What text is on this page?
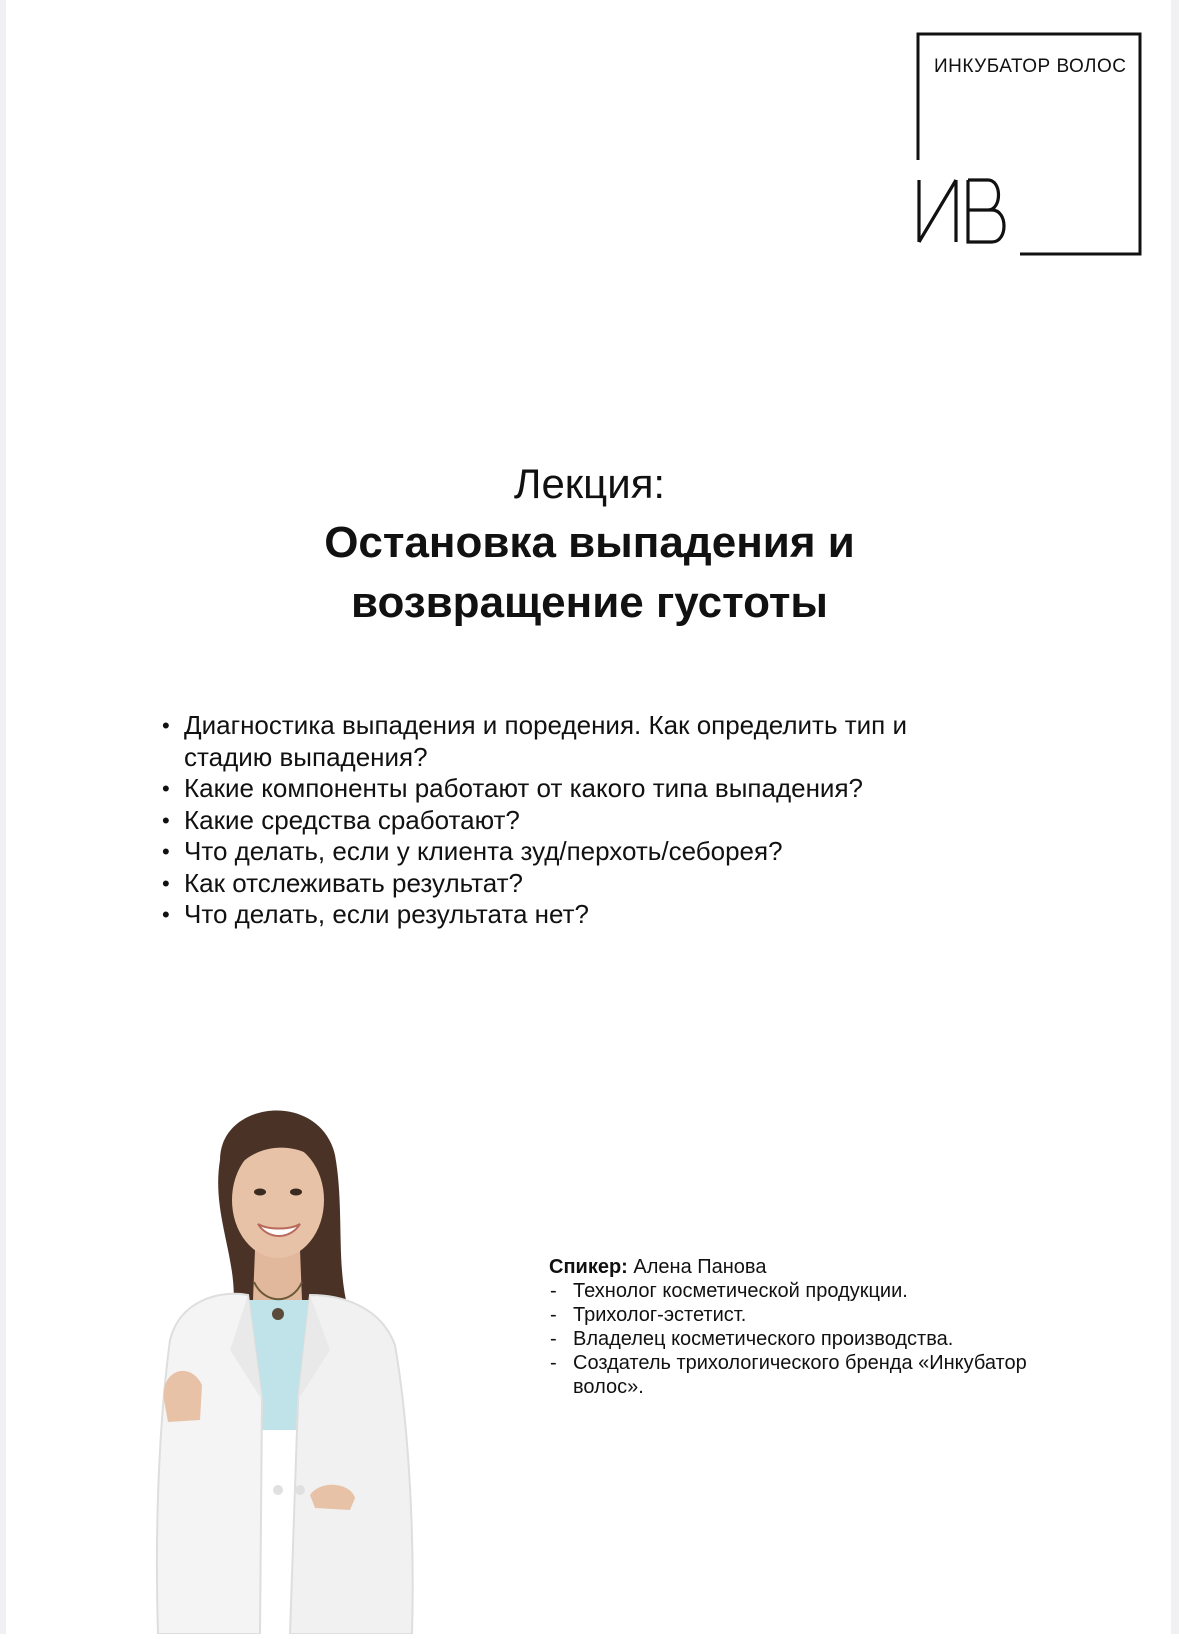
ИНКУБАТОР ВОЛОС

Лекция:

Остановка выпадения и

возвращение густоты

• Диагностика выпадения и поредения. Как определить тип и стадию выпадения?
• Какие компоненты работают от какого типа выпадения?
• Какие средства сработают?
• Что делать, если у клиента зуд/перхоть/себорея?
• Как отслеживать результат?
• Что делать, если результата нет?
Спикер: Алена Панова
- Технолог косметической продукции.
- Трихолог-эстетист.
- Владелец косметического производства.
- Создатель трихологического бренда «Инкубатор волос».
